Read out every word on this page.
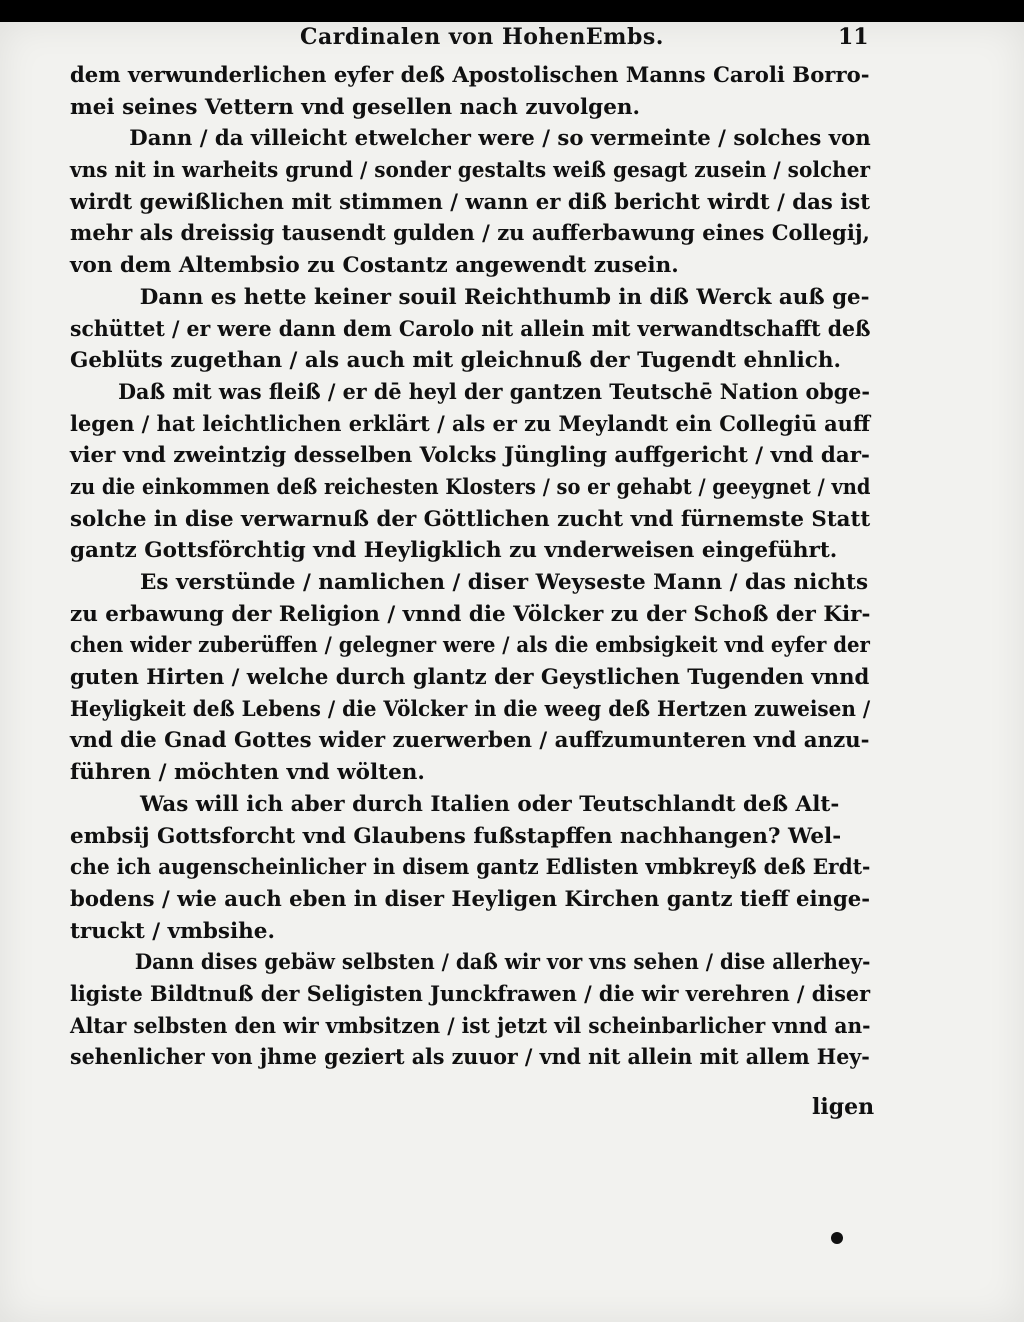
Cardinalen von HohenEmbs.	11
dem verwunderlichen eyfer deß Apostolischen Manns Caroli Borro-
mei seines Vettern vnd gesellen nach zuvolgen.
Dann / da villeicht etwelcher were / so vermeinte / solches von
vns nit in warheits grund / sonder gestalts weiß gesagt zusein / solcher
wirdt gewißlichen mit stimmen / wann er diß bericht wirdt / das ist
mehr als dreissig tausendt gulden / zu aufferbawung eines Collegij,
von dem Altembsio zu Costantz angewendt zusein.
Dann es hette keiner souil Reichthumb in diß Werck auß ge-
schüttet / er were dann dem Carolo nit allein mit verwandtschafft deß
Geblüts zugethan / als auch mit gleichnuß der Tugendt ehnlich.
Daß mit was fleiß / er dē heyl der gantzen Teutschē Nation obge-
legen / hat leichtlichen erklärt / als er zu Meylandt ein Collegiū auff
vier vnd zweintzig desselben Volcks Jüngling auffgericht / vnd dar-
zu die einkommen deß reichesten Klosters / so er gehabt / geeygnet / vnd
solche in dise verwarnuß der Göttlichen zucht vnd fürnemste Statt
gantz Gottsförchtig vnd Heyligklich zu vnderweisen eingeführt.
Es verstünde / namlichen / diser Weyseste Mann / das nichts
zu erbawung der Religion / vnnd die Völcker zu der Schoß der Kir-
chen wider zuberüffen / gelegner were / als die embsigkeit vnd eyfer der
guten Hirten / welche durch glantz der Geystlichen Tugenden vnnd
Heyligkeit deß Lebens / die Völcker in die weeg deß Hertzen zuweisen /
vnd die Gnad Gottes wider zuerwerben / auffzumunteren vnd anzu-
führen / möchten vnd wölten.
Was will ich aber durch Italien oder Teutschlandt deß Alt-
embsij Gottsforcht vnd Glaubens fußstapffen nachhangen? Wel-
che ich augenscheinlicher in disem gantz Edlisten vmbkreyß deß Erdt-
bodens / wie auch eben in diser Heyligen Kirchen gantz tieff einge-
truckt / vmbsihe.
Dann dises gebäw selbsten / daß wir vor vns sehen / dise allerhey-
ligiste Bildtnuß der Seligisten Junckfrawen / die wir verehren / diser
Altar selbsten den wir vmbsitzen / ist jetzt vil scheinbarlicher vnnd an-
sehenlicher von jhme geziert als zuuor / vnd nit allein mit allem Hey-
ligen
